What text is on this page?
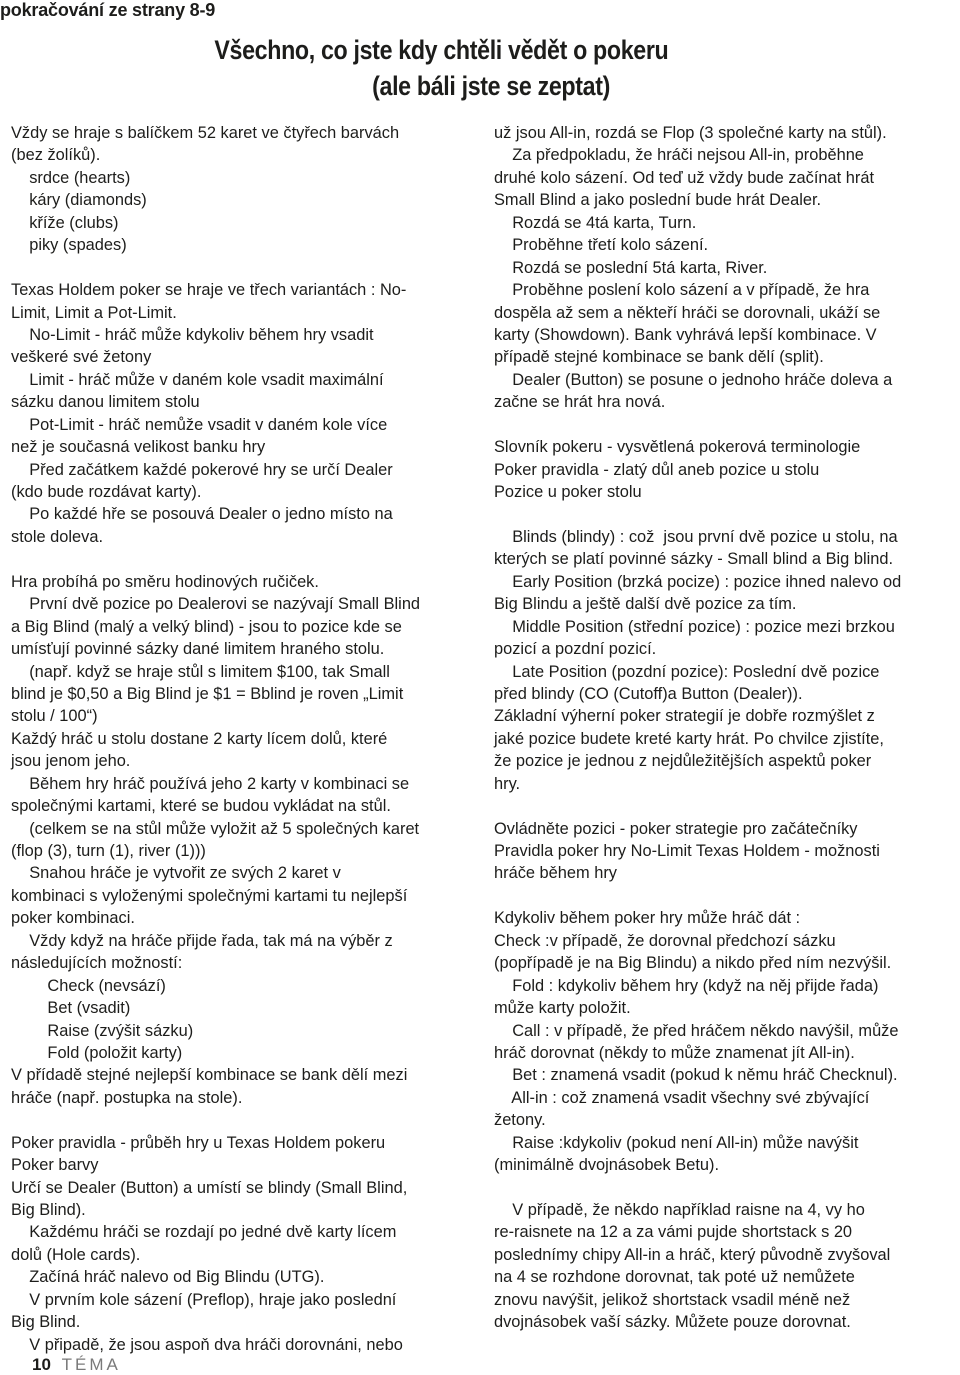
pokračování ze strany 8-9
Všechno, co jste kdy chtěli vědět o pokeru
(ale báli jste se zeptat)
Vždy se hraje s balíčkem 52 karet ve čtyřech barvách
(bez žolíků).
srdce (hearts)
káry (diamonds)
kříže (clubs)
piky (spades)
Texas Holdem poker se hraje ve třech variantách : No-
Limit, Limit a Pot-Limit.
No-Limit - hráč může kdykoliv během hry vsadit
veškeré své žetony
Limit - hráč může v daném kole vsadit maximální
sázku danou limitem stolu
Pot-Limit - hráč nemůže vsadit v daném kole více
než je současná velikost banku hry
Před začátkem každé pokerové hry se určí Dealer
(kdo bude rozdávat karty).
Po každé hře se posouvá Dealer o jedno místo na
stole doleva.
Hra probíhá po směru hodinových ručiček.
První dvě pozice po Dealerovi se nazývají Small Blind
a Big Blind (malý a velký blind) - jsou to pozice kde se
umísťují povinné sázky dané limitem hraného stolu.
(např. když se hraje stůl s limitem $100, tak Small
blind je $0,50 a Big Blind je $1 = Bblind je roven „Limit
stolu / 100“)
Každý hráč u stolu dostane 2 karty lícem dolů, které
jsou jenom jeho.
Během hry hráč používá jeho 2 karty v kombinaci se
společnými kartami, které se budou vykládat na stůl.
(celkem se na stůl může vyložit až 5 společných karet
(flop (3), turn (1), river (1)))
Snahou hráče je vytvořit ze svých 2 karet v
kombinaci s vyloženými společnými kartami tu nejlepší
poker kombinaci.
Vždy když na hráče přijde řada, tak má na výběr z
následujících možností:
Check (nevsází)
Bet (vsadit)
Raise (zvýšit sázku)
Fold (položit karty)
V přídadě stejné nejlepší kombinace se bank dělí mezi
hráče (např. postupka na stole).
Poker pravidla - průběh hry u Texas Holdem pokeru
Poker barvy
Určí se Dealer (Button) a umístí se blindy (Small Blind,
Big Blind).
Každému hráči se rozdají po jedné dvě karty lícem
dolů (Hole cards).
Začíná hráč nalevo od Big Blindu (UTG).
V prvním kole sázení (Preflop), hraje jako poslední
Big Blind.
V připadě, že jsou aspoň dva hráči dorovnáni, nebo
už jsou All-in, rozdá se Flop (3 společné karty na stůl).
Za předpokladu, že hráči nejsou All-in, proběhne
druhé kolo sázení. Od teď už vždy bude začínat hrát
Small Blind a jako poslední bude hrát Dealer.
Rozdá se 4tá karta, Turn.
Proběhne třetí kolo sázení.
Rozdá se poslední 5tá karta, River.
Proběhne poslení kolo sázení a v případě, že hra
dospěla až sem a někteří hráči se dorovnali, ukáží se
karty (Showdown). Bank vyhrává lepší kombinace. V
případě stejné kombinace se bank dělí (split).
Dealer (Button) se posune o jednoho hráče doleva a
začne se hrát hra nová.
Slovník pokeru - vysvětlená pokerová terminologie
Poker pravidla - zlatý důl aneb pozice u stolu
Pozice u poker stolu
Blinds (blindy) : což  jsou první dvě pozice u stolu, na
kterých se platí povinné sázky - Small blind a Big blind.
Early Position (brzká pocize) : pozice ihned nalevo od
Big Blindu a ještě další dvě pozice za tím.
Middle Position (střední pozice) : pozice mezi brzkou
pozicí a pozdní pozicí.
Late Position (pozdní pozice): Poslední dvě pozice
před blindy (CO (Cutoff)a Button (Dealer)).
Základní výherní poker strategií je dobře rozmýšlet z
jaké pozice budete kreté karty hrát. Po chvilce zjistíte,
že pozice je jednou z nejdůležitějších aspektů poker
hry.
Ovládněte pozici - poker strategie pro začátečníky
Pravidla poker hry No-Limit Texas Holdem - možnosti
hráče během hry
Kdykoliv během poker hry může hráč dát :
Check :v případě, že dorovnal předchozí sázku
(popřípadě je na Big Blindu) a nikdo před ním nezvýšil.
Fold : kdykoliv během hry (když na něj přijde řada)
může karty položit.
Call : v případě, že před hráčem někdo navýšil, může
hráč dorovnat (někdy to může znamenat jít All-in).
Bet : znamená vsadit (pokud k němu hráč Checknul).
All-in : což znamená vsadit všechny své zbývající
žetony.
Raise :kdykoliv (pokud není All-in) může navýšit
(minimálně dvojnásobek Betu).
V případě, že někdo například raisne na 4, vy ho
re-raisnete na 12 a za vámi pujde shortstack s 20
poslednímy chipy All-in a hráč, který původně zvyšoval
na 4 se rozhdone dorovnat, tak poté už nemůžete
znovu navýšit, jelikož shortstack vsadil méně než
dvojnásobek vaší sázky. Můžete pouze dorovnat.
10 TÉMA
